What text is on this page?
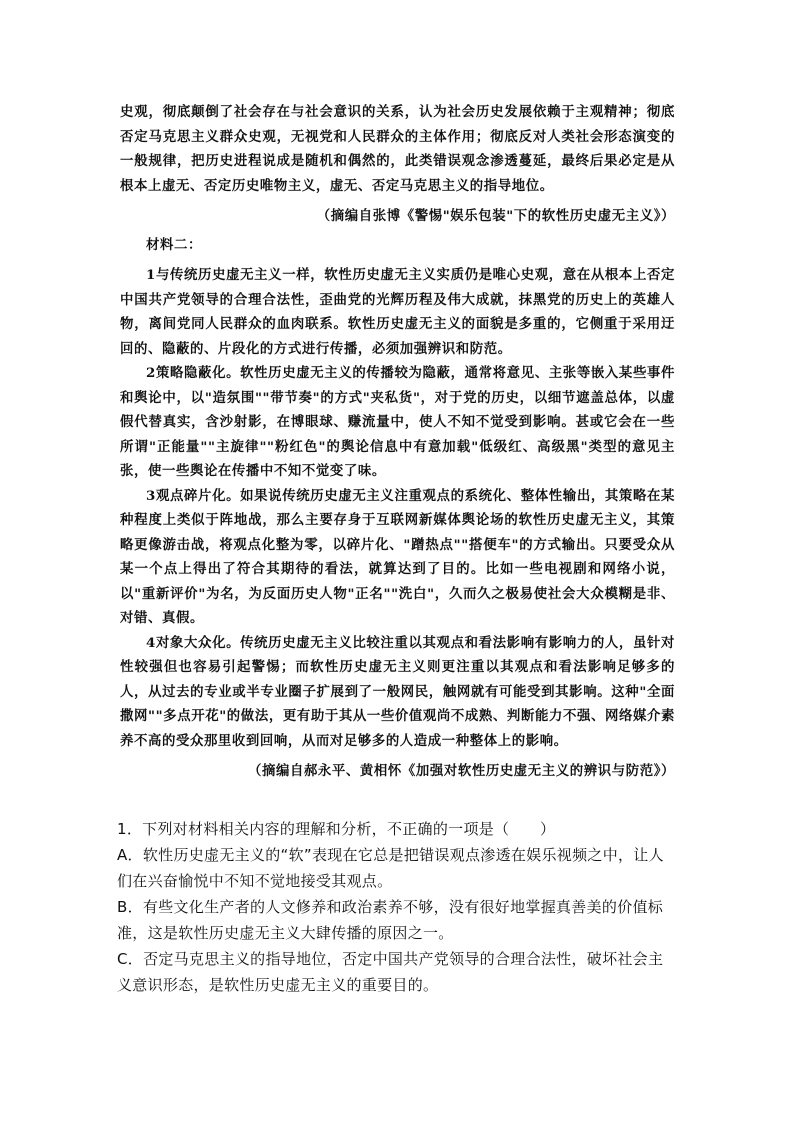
史观，彻底颠倒了社会存在与社会意识的关系，认为社会历史发展依赖于主观精神；彻底否定马克思主义群众史观，无视党和人民群众的主体作用；彻底反对人类社会形态演变的一般规律，把历史进程说成是随机和偶然的，此类错误观念渗透蔓延，最终后果必定是从根本上虚无、否定历史唯物主义，虚无、否定马克思主义的指导地位。

（摘编自张博《警惕"娱乐包装"下的软性历史虚无主义》）

材料二：

1与传统历史虚无主义一样，软性历史虚无主义实质仍是唯心史观，意在从根本上否定中国共产党领导的合理合法性，歪曲党的光辉历程及伟大成就，抹黑党的历史上的英雄人物，离间党同人民群众的血肉联系。软性历史虚无主义的面貌是多重的，它侧重于采用迂回的、隐蔽的、片段化的方式进行传播，必须加强辨识和防范。

2策略隐蔽化。软性历史虚无主义的传播较为隐蔽，通常将意见、主张等嵌入某些事件和舆论中，以"造氛围""带节奏"的方式"夹私货"，对于党的历史，以细节遮盖总体，以虚假代替真实，含沙射影，在博眼球、赚流量中，使人不知不觉受到影响。甚或它会在一些所谓"正能量""主旋律""粉红色"的舆论信息中有意加载"低级红、高级黑"类型的意见主张，使一些舆论在传播中不知不觉变了味。

3观点碎片化。如果说传统历史虚无主义注重观点的系统化、整体性输出，其策略在某种程度上类似于阵地战，那么主要存身于互联网新媒体舆论场的软性历史虚无主义，其策略更像游击战，将观点化整为零，以碎片化、"蹭热点""搭便车"的方式输出。只要受众从某一个点上得出了符合其期待的看法，就算达到了目的。比如一些电视剧和网络小说，以"重新评价"为名，为反面历史人物"正名""洗白"，久而久之极易使社会大众模糊是非、对错、真假。

4对象大众化。传统历史虚无主义比较注重以其观点和看法影响有影响力的人，虽针对性较强但也容易引起警惕；而软性历史虚无主义则更注重以其观点和看法影响足够多的人，从过去的专业或半专业圈子扩展到了一般网民，触网就有可能受到其影响。这种"全面撒网""多点开花"的做法，更有助于其从一些价值观尚不成熟、判断能力不强、网络媒介素养不高的受众那里收到回响，从而对足够多的人造成一种整体上的影响。

（摘编自郝永平、黄相怀《加强对软性历史虚无主义的辨识与防范》）

1．下列对材料相关内容的理解和分析，不正确的一项是（　　）

A．软性历史虚无主义的“软”表现在它总是把错误观点渗透在娱乐视频之中，让人们在兴奋愉悦中不知不觉地接受其观点。

B．有些文化生产者的人文修养和政治素养不够，没有很好地掌握真善美的价值标准，这是软性历史虚无主义大肆传播的原因之一。

C．否定马克思主义的指导地位，否定中国共产党领导的合理合法性，破坏社会主义意识形态，是软性历史虚无主义的重要目的。
